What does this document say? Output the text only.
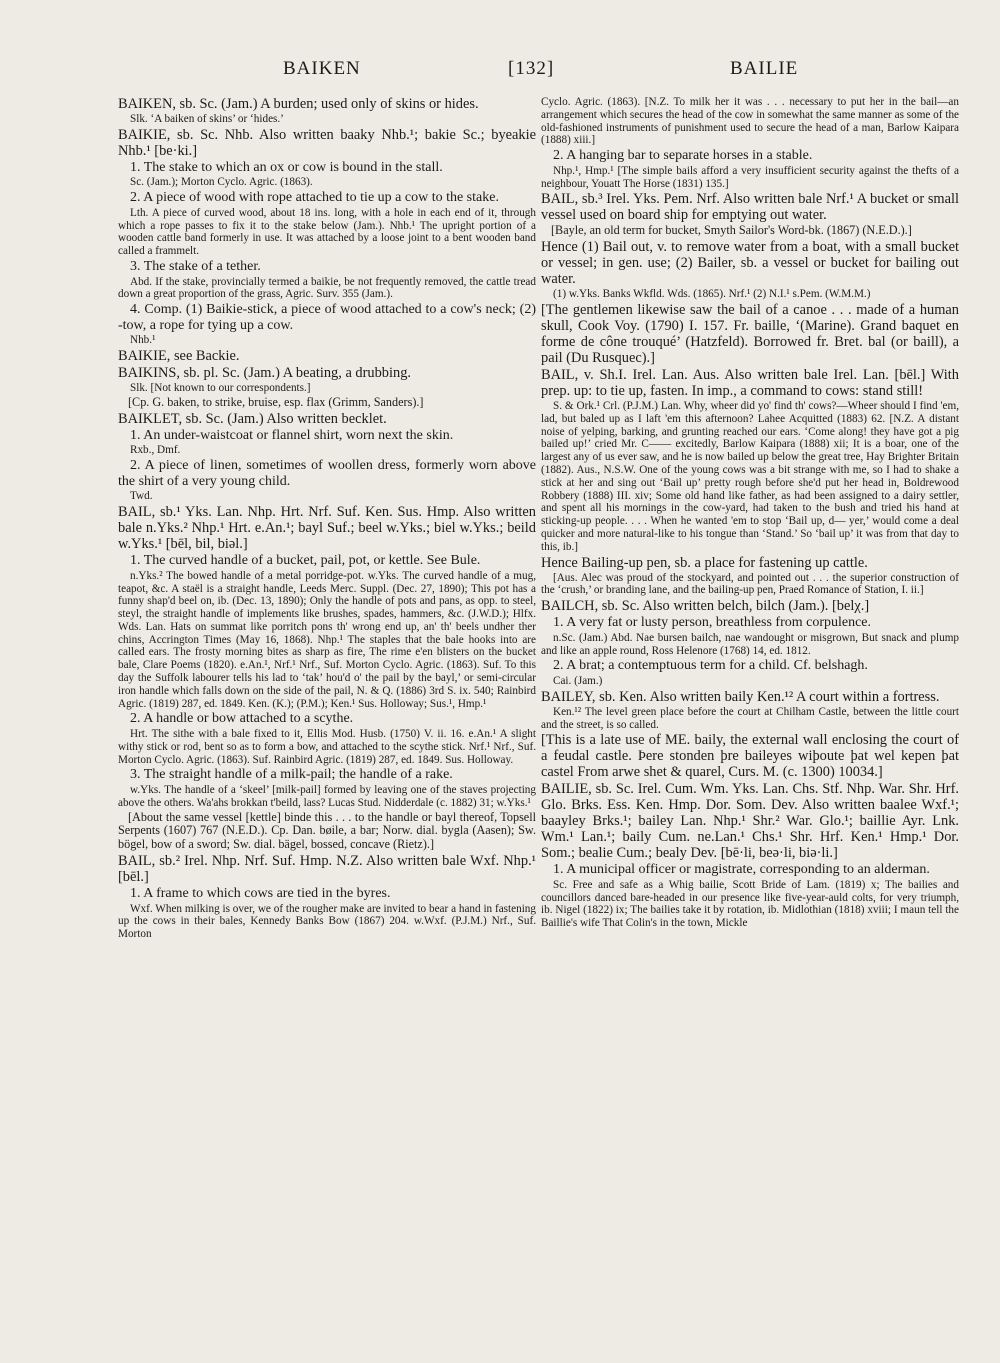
BAIKEN	[132]	BAILIE

BAIKEN, sb. Sc. (Jam.) A burden; used only of skins or hides.

Slk. ‘A baiken of skins’ or ‘hides.’

BAIKIE, sb. Sc. Nhb. Also written baaky Nhb.¹; bakie Sc.; byeakie Nhb.¹ [be·ki.]

1. The stake to which an ox or cow is bound in the stall.

Sc. (Jam.); Morton Cyclo. Agric. (1863).

2. A piece of wood with rope attached to tie up a cow to the stake.

Lth. A piece of curved wood, about 18 ins. long, with a hole in each end of it, through which a rope passes to fix it to the stake below (Jam.). Nhb.¹ The upright portion of a wooden cattle band formerly in use. It was attached by a loose joint to a bent wooden band called a frammelt.

3. The stake of a tether.

Abd. If the stake, provincially termed a baikie, be not frequently removed, the cattle tread down a great proportion of the grass, Agric. Surv. 355 (Jam.).

4. Comp. (1) Baikie-stick, a piece of wood attached to a cow's neck; (2) -tow, a rope for tying up a cow.

Nhb.¹

BAIKIE, see Backie.

BAIKINS, sb. pl. Sc. (Jam.) A beating, a drubbing.

Slk. [Not known to our correspondents.]

[Cp. G. baken, to strike, bruise, esp. flax (Grimm, Sanders).]

BAIKLET, sb. Sc. (Jam.) Also written becklet.

1. An under-waistcoat or flannel shirt, worn next the skin.

Rxb., Dmf.

2. A piece of linen, sometimes of woollen dress, formerly worn above the shirt of a very young child.

Twd.

BAIL, sb.¹ Yks. Lan. Nhp. Hrt. Nrf. Suf. Ken. Sus. Hmp. Also written bale n.Yks.² Nhp.¹ Hrt. e.An.¹; bayl Suf.; beel w.Yks.; biel w.Yks.; beild w.Yks.¹ [bēl, bil, biəl.]

1. The curved handle of a bucket, pail, pot, or kettle. See Bule.

n.Yks.² The bowed handle of a metal porridge-pot. w.Yks. The curved handle of a mug, teapot, &c. A staël is a straight handle, Leeds Merc. Suppl. (Dec. 27, 1890); This pot has a funny shap'd beel on, ib. (Dec. 13, 1890); Only the handle of pots and pans, as opp. to steel, steyl, the straight handle of implements like brushes, spades, hammers, &c. (J.W.D.); Hlfx. Wds. Lan. Hats on summat like porritch pons th' wrong end up, an' th' beels undher ther chins, Accrington Times (May 16, 1868). Nhp.¹ The staples that the bale hooks into are called ears. The frosty morning bites as sharp as fire, The rime e'en blisters on the bucket bale, Clare Poems (1820). e.An.¹, Nrf.¹ Nrf., Suf. Morton Cyclo. Agric. (1863). Suf. To this day the Suffolk labourer tells his lad to ‘tak’ hou'd o' the pail by the bayl,’ or semi-circular iron handle which falls down on the side of the pail, N. & Q. (1886) 3rd S. ix. 540; Rainbird Agric. (1819) 287, ed. 1849. Ken. (K.); (P.M.); Ken.¹ Sus. Holloway; Sus.¹, Hmp.¹

2. A handle or bow attached to a scythe.

Hrt. The sithe with a bale fixed to it, Ellis Mod. Husb. (1750) V. ii. 16. e.An.¹ A slight withy stick or rod, bent so as to form a bow, and attached to the scythe stick. Nrf.¹ Nrf., Suf. Morton Cyclo. Agric. (1863). Suf. Rainbird Agric. (1819) 287, ed. 1849. Sus. Holloway.

3. The straight handle of a milk-pail; the handle of a rake.

w.Yks. The handle of a ‘skeel’ [milk-pail] formed by leaving one of the staves projecting above the others. Wa'ahs brokkan t'beild, lass? Lucas Stud. Nidderdale (c. 1882) 31; w.Yks.¹

[About the same vessel [kettle] binde this . . . to the handle or bayl thereof, Topsell Serpents (1607) 767 (N.E.D.). Cp. Dan. bøile, a bar; Norw. dial. bygla (Aasen); Sw. bögel, bow of a sword; Sw. dial. bägel, bossed, concave (Rietz).]

BAIL, sb.² Irel. Nhp. Nrf. Suf. Hmp. N.Z. Also written bale Wxf. Nhp.¹ [bēl.]

1. A frame to which cows are tied in the byres.

Wxf. When milking is over, we of the rougher make are invited to bear a hand in fastening up the cows in their bales, Kennedy Banks Bow (1867) 204. w.Wxf. (P.J.M.) Nrf., Suf. Morton

Cyclo. Agric. (1863). [N.Z. To milk her it was . . . necessary to put her in the bail—an arrangement which secures the head of the cow in somewhat the same manner as some of the old-fashioned instruments of punishment used to secure the head of a man, Barlow Kaipara (1888) xiii.]

2. A hanging bar to separate horses in a stable.

Nhp.¹, Hmp.¹ [The simple bails afford a very insufficient security against the thefts of a neighbour, Youatt The Horse (1831) 135.]

BAIL, sb.³ Irel. Yks. Pem. Nrf. Also written bale Nrf.¹ A bucket or small vessel used on board ship for emptying out water.

[Bayle, an old term for bucket, Smyth Sailor's Word-bk. (1867) (N.E.D.).]

Hence (1) Bail out, v. to remove water from a boat, with a small bucket or vessel; in gen. use; (2) Bailer, sb. a vessel or bucket for bailing out water.

(1) w.Yks. Banks Wkfld. Wds. (1865). Nrf.¹ (2) N.I.¹ s.Pem. (W.M.M.)

[The gentlemen likewise saw the bail of a canoe . . . made of a human skull, Cook Voy. (1790) I. 157. Fr. baille, ‘(Marine). Grand baquet en forme de cône trouqué’ (Hatzfeld). Borrowed fr. Bret. bal (or baill), a pail (Du Rusquec).]

BAIL, v. Sh.I. Irel. Lan. Aus. Also written bale Irel. Lan. [bēl.] With prep. up: to tie up, fasten. In imp., a command to cows: stand still!

S. & Ork.¹ Crl. (P.J.M.) Lan. Why, wheer did yo' find th' cows?—Wheer should I find 'em, lad, but baled up as I laft 'em this afternoon? Lahee Acquitted (1883) 62. [N.Z. A distant noise of yelping, barking, and grunting reached our ears. ‘Come along! they have got a pig bailed up!’ cried Mr. C—— excitedly, Barlow Kaipara (1888) xii; It is a boar, one of the largest any of us ever saw, and he is now bailed up below the great tree, Hay Brighter Britain (1882). Aus., N.S.W. One of the young cows was a bit strange with me, so I had to shake a stick at her and sing out ‘Bail up’ pretty rough before she'd put her head in, Boldrewood Robbery (1888) III. xiv; Some old hand like father, as had been assigned to a dairy settler, and spent all his mornings in the cow-yard, had taken to the bush and tried his hand at sticking-up people. . . . When he wanted 'em to stop ‘Bail up, d— yer,’ would come a deal quicker and more natural-like to his tongue than ‘Stand.’ So ‘bail up’ it was from that day to this, ib.]

Hence Bailing-up pen, sb. a place for fastening up cattle.

[Aus. Alec was proud of the stockyard, and pointed out . . . the superior construction of the ‘crush,’ or branding lane, and the bailing-up pen, Praed Romance of Station, I. ii.]

BAILCH, sb. Sc. Also written belch, bilch (Jam.). [belχ.]

1. A very fat or lusty person, breathless from corpulence.

n.Sc. (Jam.) Abd. Nae bursen bailch, nae wandought or misgrown, But snack and plump and like an apple round, Ross Helenore (1768) 14, ed. 1812.

2. A brat; a contemptuous term for a child. Cf. belshagh.

Cai. (Jam.)

BAILEY, sb. Ken. Also written baily Ken.¹² A court within a fortress.

Ken.¹² The level green place before the court at Chilham Castle, between the little court and the street, is so called.

[This is a late use of ME. baily, the external wall enclosing the court of a feudal castle. Þere stonden þre baileyes wiþoute þat wel kepen þat castel From arwe shet & quarel, Curs. M. (c. 1300) 10034.]

BAILIE, sb. Sc. Irel. Cum. Wm. Yks. Lan. Chs. Stf. Nhp. War. Shr. Hrf. Glo. Brks. Ess. Ken. Hmp. Dor. Som. Dev. Also written baalee Wxf.¹; baayley Brks.¹; bailey Lan. Nhp.¹ Shr.² War. Glo.¹; baillie Ayr. Lnk. Wm.¹ Lan.¹; baily Cum. ne.Lan.¹ Chs.¹ Shr. Hrf. Ken.¹ Hmp.¹ Dor. Som.; bealie Cum.; bealy Dev. [bē·li, beə·li, biə·li.]

1. A municipal officer or magistrate, corresponding to an alderman.

Sc. Free and safe as a Whig bailie, Scott Bride of Lam. (1819) x; The bailies and councillors danced bare-headed in our presence like five-year-auld colts, for very triumph, ib. Nigel (1822) ix; The bailies take it by rotation, ib. Midlothian (1818) xviii; I maun tell the Baillie's wife That Colin's in the town, Mickle
